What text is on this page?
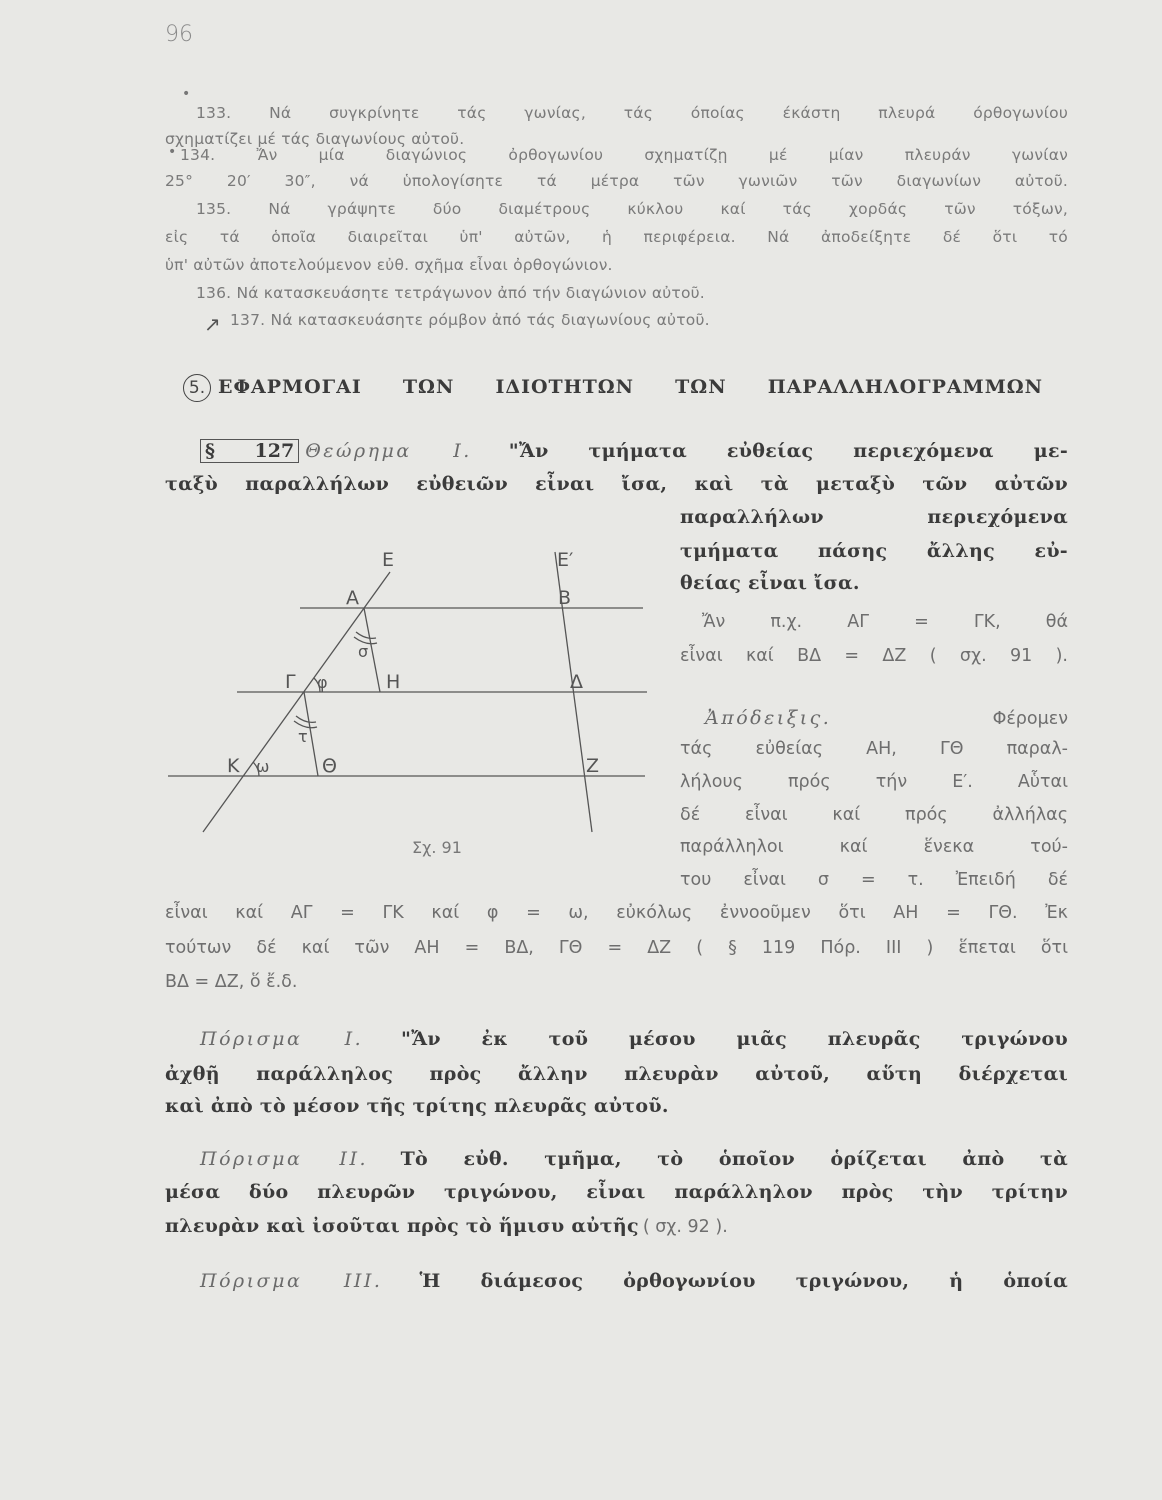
96
5.
133. Νά συγκρίνητε τάς γωνίας, τάς όποίας έκάστη πλευρά όρθογωνίου
σχηματίζει μέ τάς διαγωνίους αὐτοῦ.
134. Ἄν μία διαγώνιος ὀρθογωνίου σχηματίζῃ μέ μίαν πλευράν γωνίαν
25° 20′ 30″, νά ὑπολογίσητε τά μέτρα τῶν γωνιῶν τῶν διαγωνίων αὐτοῦ.
135. Νά γράψητε δύο διαμέτρους κύκλου καί τάς χορδάς τῶν τόξων,
εἰς τά ὁποῖα διαιρεῖται ὑπ' αὐτῶν, ἡ περιφέρεια. Νά ἀποδείξητε δέ ὅτι τό
ὑπ' αὐτῶν ἀποτελούμενον εὐθ. σχῆμα εἶναι ὀρθογώνιον.
136. Νά κατασκευάσητε τετράγωνον ἀπό τήν διαγώνιον αὐτοῦ.
137. Νά κατασκευάσητε ρόμβον ἀπό τάς διαγωνίους αὐτοῦ.
ΕΦΑΡΜΟΓΑΙ ΤΩΝ ΙΔΙΟΤΗΤΩΝ ΤΩΝ ΠΑΡΑΛΛΗΛΟΓΡΑΜΜΩΝ
§ 127 Θεώρημα Ι. "Ἄν τμήματα εὐθείας περιεχόμενα με-
ταξὺ παραλλήλων εὐθειῶν εἶναι ἴσα, καὶ τὰ μεταξὺ τῶν αὐτῶν
παραλλήλων περιεχόμενα
τμήματα πάσης ἄλλης εὐ-
θείας εἶναι ἴσα.
Ἄν π.χ. ΑΓ = ΓΚ, θά
εἶναι καί ΒΔ = ΔΖ ( σχ. 91 ).
Ἀπόδειξις.	Φέρομεν
τάς εὐθείας ΑΗ, ΓΘ παραλ-
λήλους πρός τήν Ε′. Αὗται
δέ εἶναι καί πρός ἀλλήλας
παράλληλοι καί ἕνεκα τού-
του εἶναι σ = τ. Ἐπειδή δέ
εἶναι καί ΑΓ = ΓΚ καί φ = ω, εὐκόλως ἐννοοῦμεν ὅτι ΑΗ = ΓΘ. Ἐκ
τούτων δέ καί τῶν ΑΗ = ΒΔ, ΓΘ = ΔΖ ( § 119 Πόρ. ΙΙΙ ) ἕπεται ὅτι
ΒΔ = ΔΖ, ὅ ἔ.δ.
Πόρισμα Ι. "Ἄν ἐκ τοῦ μέσου μιᾶς πλευρᾶς τριγώνου
ἀχθῇ παράλληλος πρὸς ἄλλην πλευρὰν αὐτοῦ, αὕτη διέρχεται
καὶ ἀπὸ τὸ μέσον τῆς τρίτης πλευρᾶς αὐτοῦ.
Πόρισμα ΙΙ. Τὸ εὐθ. τμῆμα, τὸ ὁποῖον ὁρίζεται ἀπὸ τὰ
μέσα δύο πλευρῶν τριγώνου, εἶναι παράλληλον πρὸς τὴν τρίτην
πλευρὰν καὶ ἰσοῦται πρὸς τὸ ἥμισυ αὐτῆς ( σχ. 92 ).
Πόρισμα ΙΙΙ. Ἡ διάμεσος ὀρθογωνίου τριγώνου, ἡ ὁποία
Ε	Ε′
Α	Β
σ
Γ φ	Η	Δ
τ
Κ ω	Θ	Ζ
Σχ. 91
•
•
↗
